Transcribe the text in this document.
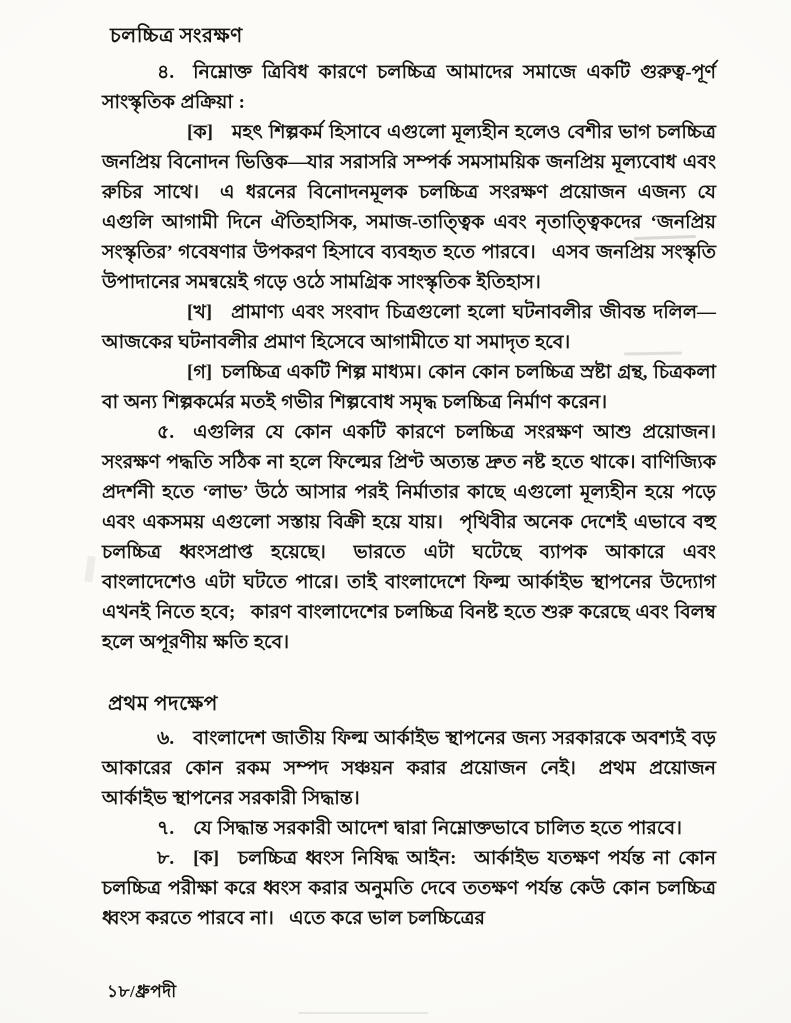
চলচ্চিত্র সংরক্ষণ

৪.  নিম্নোক্ত ত্রিবিধ কারণে চলচ্চিত্র আমাদের সমাজে একটি গুরুত্ব-পূর্ণ সাংস্কৃতিক প্রক্রিয়া :

[ক]  মহৎ শিল্পকর্ম হিসাবে এগুলো মূল্যহীন হলেও বেশীর ভাগ চলচ্চিত্র জনপ্রিয় বিনোদন ভিত্তিক—যার সরাসরি সম্পর্ক সমসাময়িক জনপ্রিয় মূল্যবোধ এবং রুচির সাথে।  এ ধরনের বিনোদনমূলক চলচ্চিত্র সংরক্ষণ প্রয়োজন এজন্য যে এগুলি আগামী দিনে ঐতিহাসিক, সমাজ-তাত্ত্বিক এবং নৃতাত্ত্বিকদের ‘জনপ্রিয় সংস্কৃতির’ গবেষণার উপকরণ হিসাবে ব্যবহৃত হতে পারবে।  এসব জনপ্রিয় সংস্কৃতি উপাদানের সমন্বয়েই গড়ে ওঠে সামগ্রিক সাংস্কৃতিক ইতিহাস।

[খ]  প্রামাণ্য এবং সংবাদ চিত্রগুলো হলো ঘটনাবলীর জীবন্ত দলিল—আজকের ঘটনাবলীর প্রমাণ হিসেবে আগামীতে যা সমাদৃত হবে।

[গ] চলচ্চিত্র একটি শিল্প মাধ্যম। কোন কোন চলচ্চিত্র স্রষ্টা গ্রন্থ, চিত্রকলা বা অন্য শিল্পকর্মের মতই গভীর শিল্পবোধ সমৃদ্ধ চলচ্চিত্র নির্মাণ করেন।

৫.  এগুলির যে কোন একটি কারণে চলচ্চিত্র সংরক্ষণ আশু প্রয়োজন। সংরক্ষণ পদ্ধতি সঠিক না হলে ফিল্মের প্রিণ্ট অত্যন্ত দ্রুত নষ্ট হতে থাকে। বাণিজ্যিক প্রদর্শনী হতে ‘লাভ’ উঠে আসার পরই নির্মাতার কাছে এগুলো মূল্যহীন হয়ে পড়ে এবং একসময় এগুলো সস্তায় বিক্রী হয়ে যায়।  পৃথিবীর অনেক দেশেই এভাবে বহু চলচ্চিত্র ধ্বংসপ্রাপ্ত হয়েছে।  ভারতে এটা ঘটেছে ব্যাপক আকারে এবং বাংলাদেশেও এটা ঘটতে পারে। তাই বাংলাদেশে ফিল্ম আর্কাইভ স্থাপনের উদ্যোগ এখনই নিতে হবে;  কারণ বাংলাদেশের চলচ্চিত্র বিনষ্ট হতে শুরু করেছে এবং বিলম্ব হলে অপূরণীয় ক্ষতি হবে।

প্রথম পদক্ষেপ

৬.  বাংলাদেশ জাতীয় ফিল্ম আর্কাইভ স্থাপনের জন্য সরকারকে অবশ্যই বড় আকারের কোন রকম সম্পদ সঞ্চয়ন করার প্রয়োজন নেই।  প্রথম প্রয়োজন আর্কাইভ স্থাপনের সরকারী সিদ্ধান্ত।

৭.  যে সিদ্ধান্ত সরকারী আদেশ দ্বারা নিম্নোক্তভাবে চালিত হতে পারবে।

৮.  [ক]  চলচ্চিত্র ধ্বংস নিষিদ্ধ আইন:  আর্কাইভ যতক্ষণ পর্যন্ত না কোন চলচ্চিত্র পরীক্ষা করে ধ্বংস করার অনুমতি দেবে ততক্ষণ পর্যন্ত কেউ কোন চলচ্চিত্র ধ্বংস করতে পারবে না।  এতে করে ভাল চলচ্চিত্রের

১৮/ধ্রুপদী
